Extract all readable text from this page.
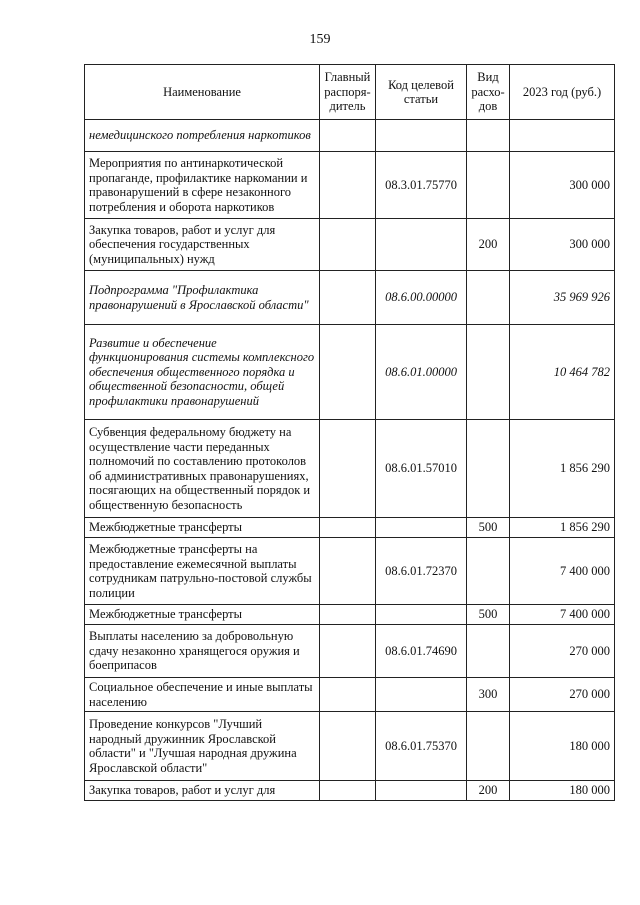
159
Наименование	Главный распоря-дитель	Код целевой статьи	Вид расхо-дов	2023 год (руб.)
немедицинского потребления наркотиков				
Мероприятия по антинаркотической пропаганде, профилактике наркомании и правонарушений в сфере незаконного потребления и оборота наркотиков		08.3.01.75770		300 000
Закупка товаров, работ и услуг для обеспечения государственных (муниципальных) нужд			200	300 000
Подпрограмма "Профилактика правонарушений в Ярославской области"		08.6.00.00000		35 969 926
Развитие и обеспечение функционирования системы комплексного обеспечения общественного порядка и общественной безопасности, общей профилактики правонарушений		08.6.01.00000		10 464 782
Субвенция федеральному бюджету на осуществление части переданных полномочий по составлению протоколов об административных правонарушениях, посягающих на общественный порядок и общественную безопасность		08.6.01.57010		1 856 290
Межбюджетные трансферты			500	1 856 290
Межбюджетные трансферты на предоставление ежемесячной выплаты сотрудникам патрульно-постовой службы полиции		08.6.01.72370		7 400 000
Межбюджетные трансферты			500	7 400 000
Выплаты населению за добровольную сдачу незаконно хранящегося оружия и боеприпасов		08.6.01.74690		270 000
Социальное обеспечение и иные выплаты населению			300	270 000
Проведение конкурсов "Лучший народный дружинник Ярославской области" и "Лучшая народная дружина Ярославской области"		08.6.01.75370		180 000
Закупка товаров, работ и услуг для			200	180 000
